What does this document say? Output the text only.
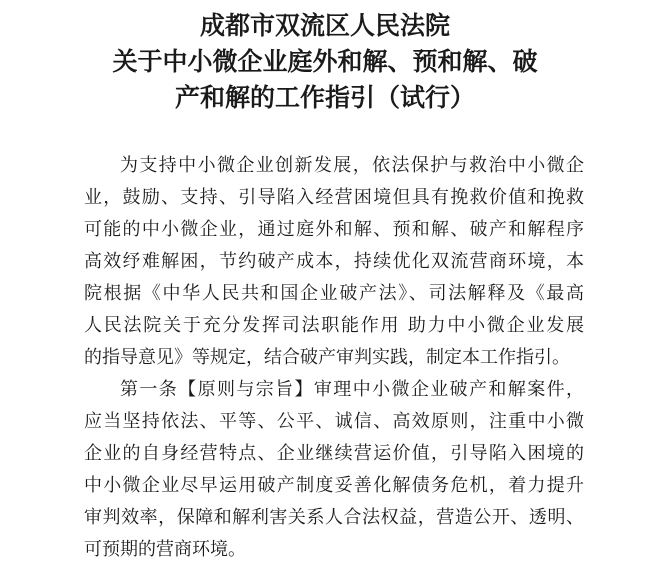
成都市双流区人民法院
关于中小微企业庭外和解、预和解、破
产和解的工作指引（试行）
为支持中小微企业创新发展，依法保护与救治中小微企
业，鼓励、支持、引导陷入经营困境但具有挽救价值和挽救
可能的中小微企业，通过庭外和解、预和解、破产和解程序
高效纾难解困，节约破产成本，持续优化双流营商环境，本
院根据《中华人民共和国企业破产法》、司法解释及《最高
人民法院关于充分发挥司法职能作用 助力中小微企业发展
的指导意见》等规定，结合破产审判实践，制定本工作指引。
第一条【原则与宗旨】审理中小微企业破产和解案件，
应当坚持依法、平等、公平、诚信、高效原则，注重中小微
企业的自身经营特点、企业继续营运价值，引导陷入困境的
中小微企业尽早运用破产制度妥善化解债务危机，着力提升
审判效率，保障和解利害关系人合法权益，营造公开、透明、
可预期的营商环境。
